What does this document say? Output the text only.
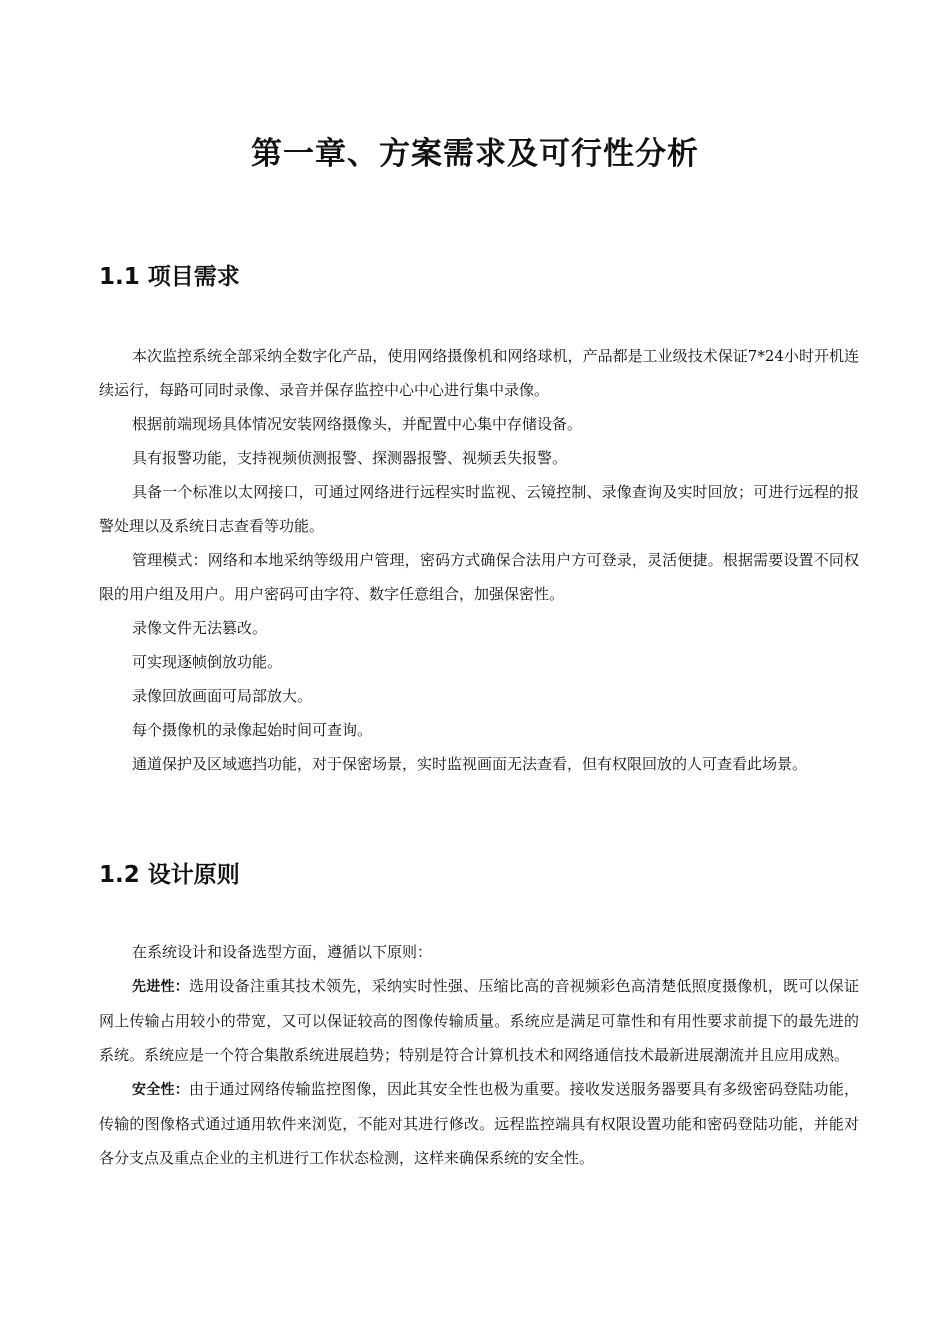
第一章、方案需求及可行性分析
1.1 项目需求

本次监控系统全部采纳全数字化产品，使用网络摄像机和网络球机，产品都是工业级技术保证7*24小时开机连续运行，每路可同时录像、录音并保存监控中心中心进行集中录像。

根据前端现场具体情况安装网络摄像头，并配置中心集中存储设备。

具有报警功能，支持视频侦测报警、探测器报警、视频丢失报警。

具备一个标准以太网接口，可通过网络进行远程实时监视、云镜控制、录像查询及实时回放；可进行远程的报警处理以及系统日志查看等功能。

管理模式：网络和本地采纳等级用户管理，密码方式确保合法用户方可登录，灵活便捷。根据需要设置不同权限的用户组及用户。用户密码可由字符、数字任意组合，加强保密性。

录像文件无法篡改。

可实现逐帧倒放功能。

录像回放画面可局部放大。

每个摄像机的录像起始时间可查询。

通道保护及区域遮挡功能，对于保密场景，实时监视画面无法查看，但有权限回放的人可查看此场景。

1.2 设计原则

在系统设计和设备选型方面，遵循以下原则：

先进性：选用设备注重其技术领先，采纳实时性强、压缩比高的音视频彩色高清楚低照度摄像机，既可以保证网上传输占用较小的带宽，又可以保证较高的图像传输质量。系统应是满足可靠性和有用性要求前提下的最先进的系统。系统应是一个符合集散系统进展趋势；特别是符合计算机技术和网络通信技术最新进展潮流并且应用成熟。

安全性：由于通过网络传输监控图像，因此其安全性也极为重要。接收发送服务器要具有多级密码登陆功能，传输的图像格式通过通用软件来浏览，不能对其进行修改。远程监控端具有权限设置功能和密码登陆功能，并能对各分支点及重点企业的主机进行工作状态检测，这样来确保系统的安全性。
